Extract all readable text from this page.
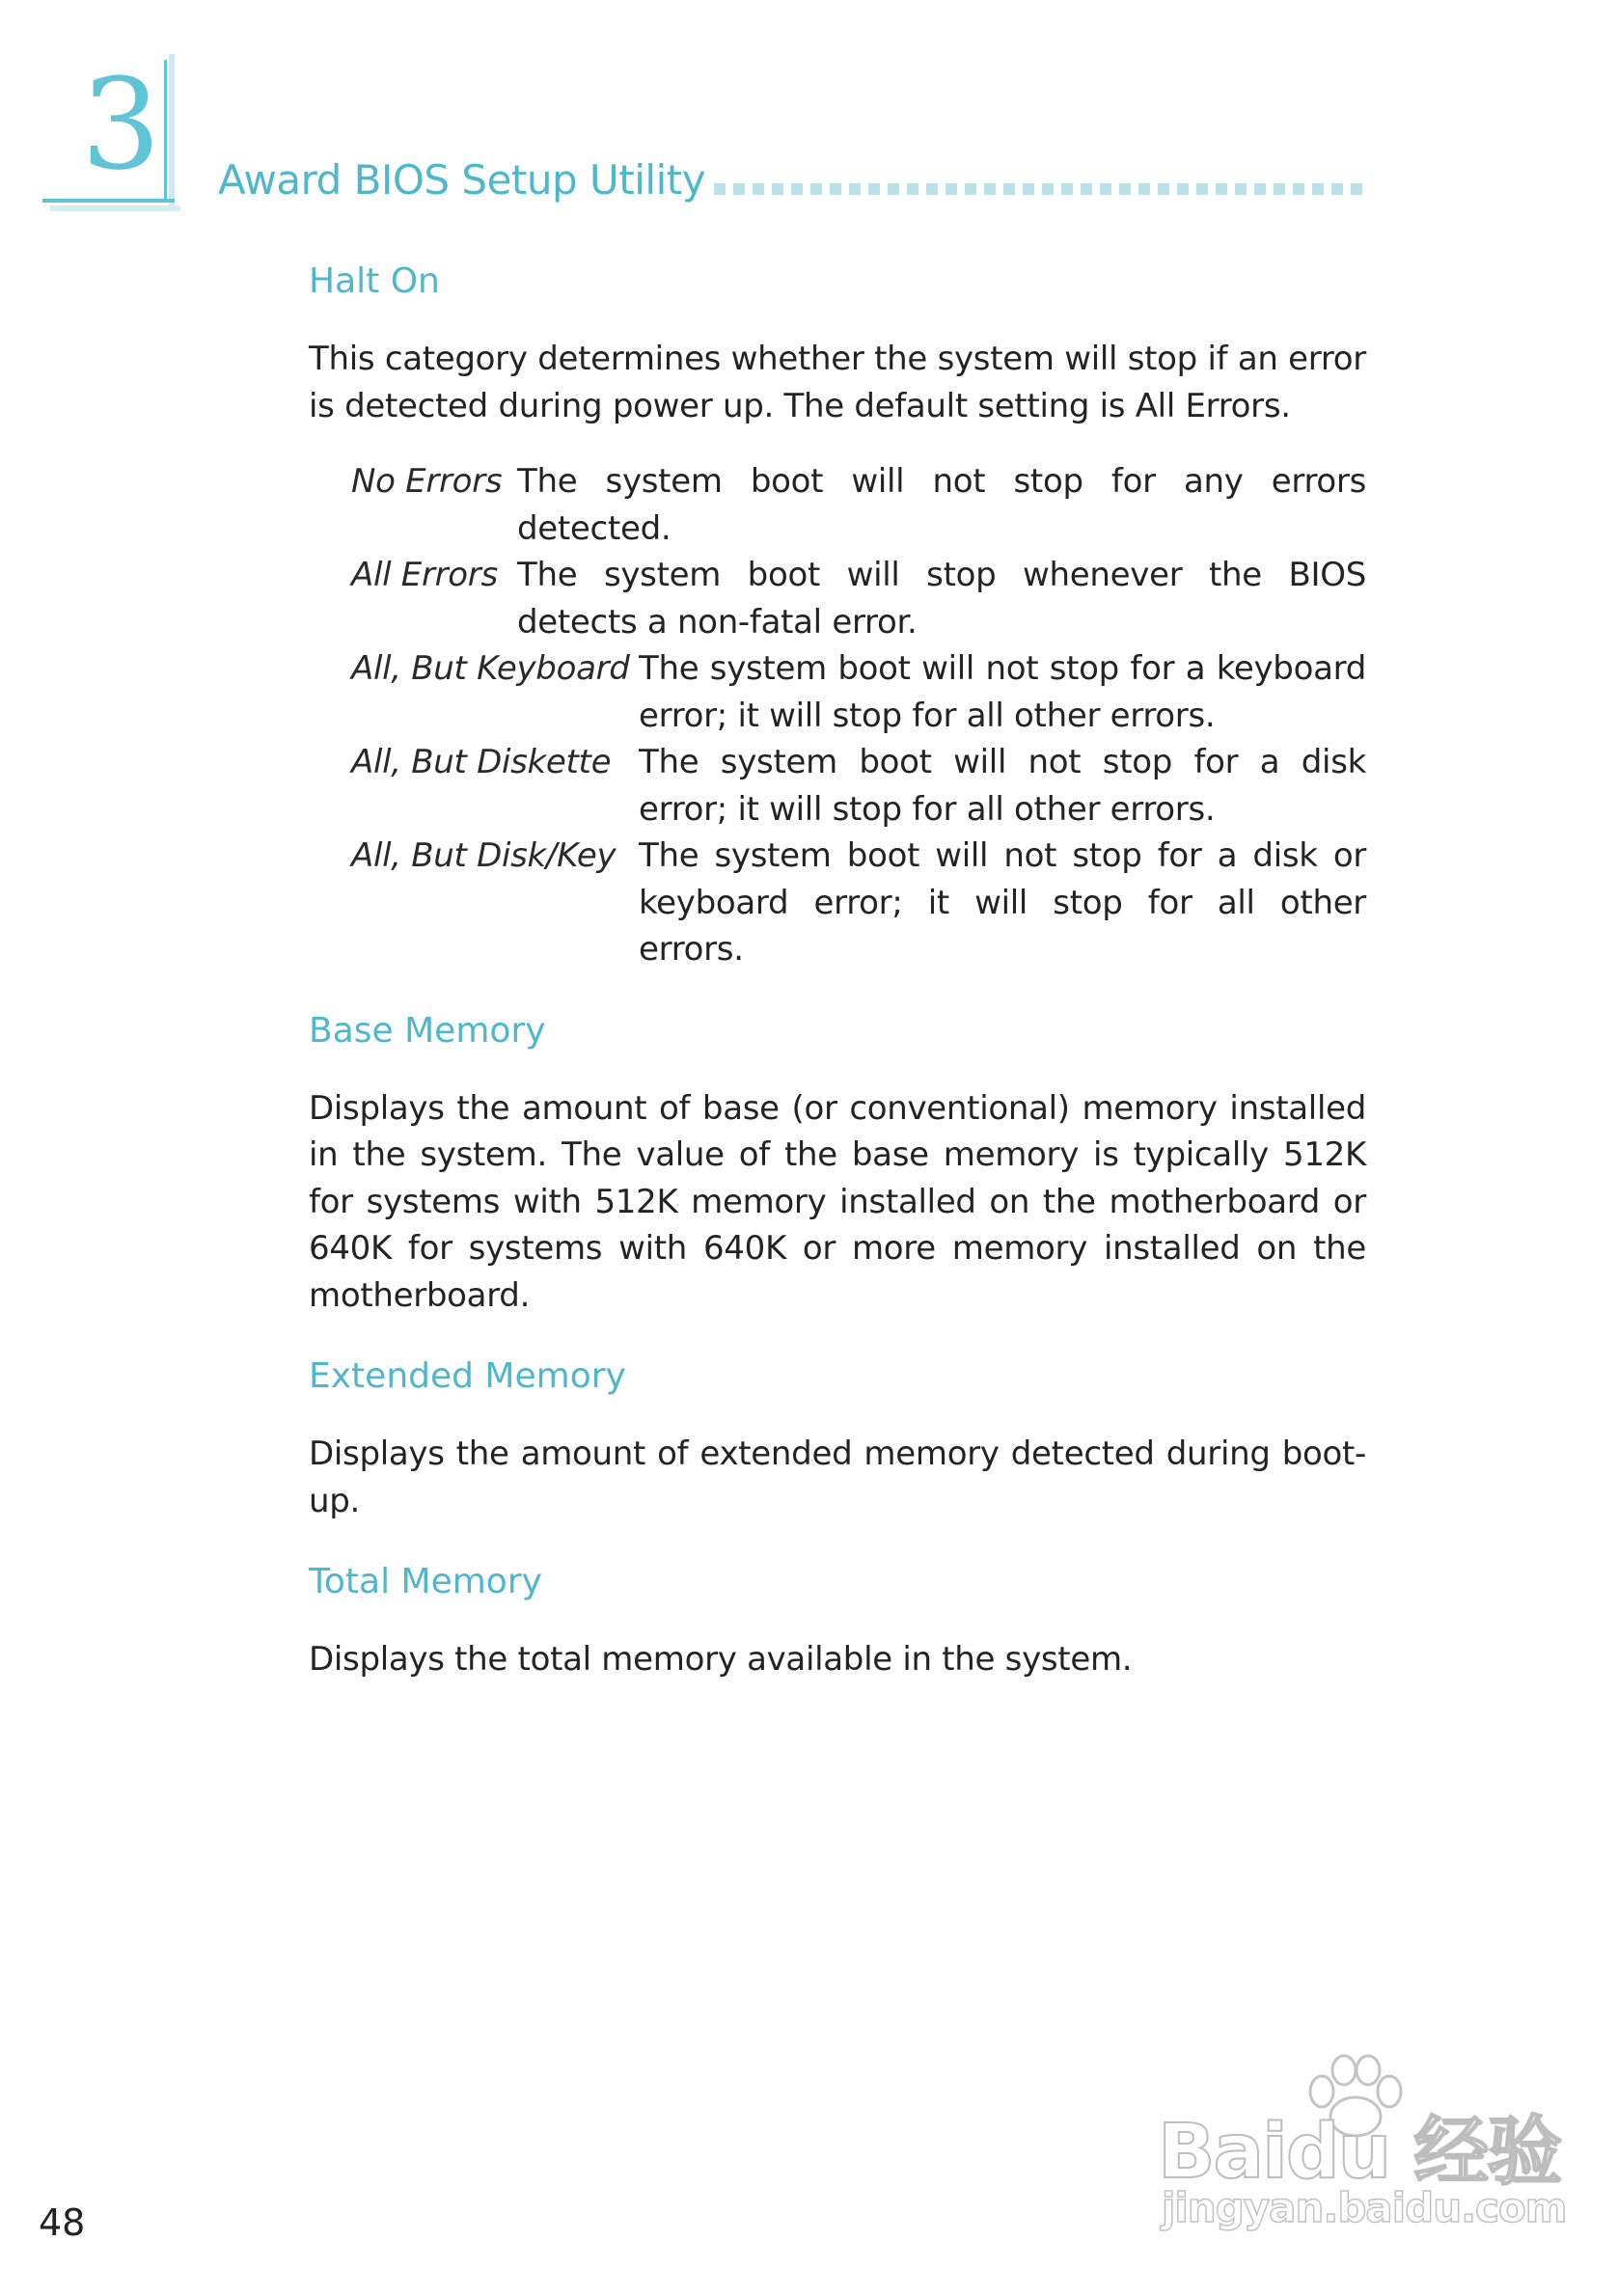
3 Award BIOS Setup Utility
Halt On

This category determines whether the system will stop if an error is detected during power up. The default setting is All Errors.

No Errors The system boot will not stop for any errors detected.
All Errors The system boot will stop whenever the BIOS detects a non-fatal error.
All, But Keyboard The system boot will not stop for a keyboard error; it will stop for all other errors.
All, But Diskette The system boot will not stop for a disk error; it will stop for all other errors.
All, But Disk/Key The system boot will not stop for a disk or keyboard error; it will stop for all other errors.
Base Memory

Displays the amount of base (or conventional) memory installed in the system. The value of the base memory is typically 512K for systems with 512K memory installed on the motherboard or 640K for systems with 640K or more memory installed on the motherboard.

Extended Memory

Displays the amount of extended memory detected during boot-up.

Total Memory

Displays the total memory available in the system.

48
Baidu 经验
jingyan.baidu.com
